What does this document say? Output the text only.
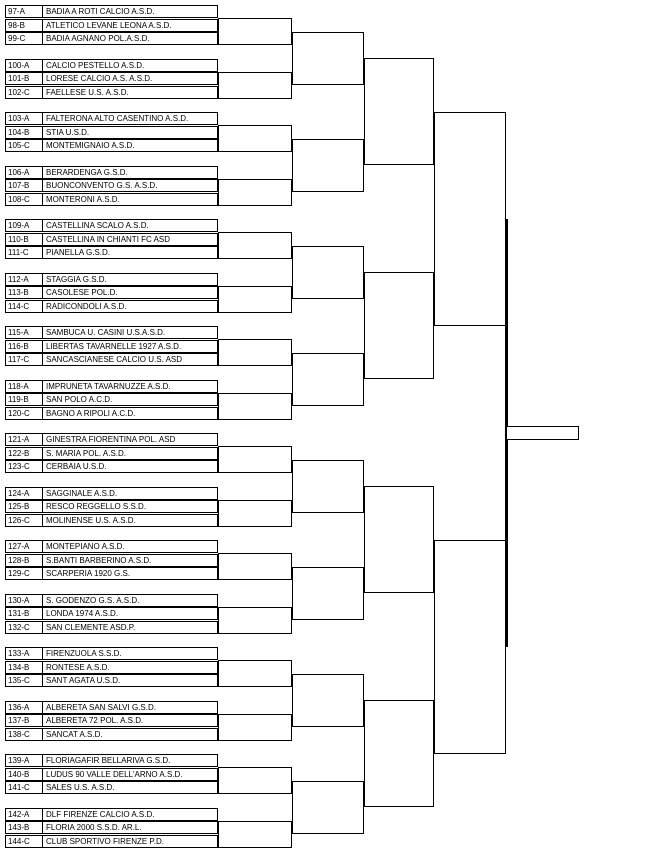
97-A	BADIA A ROTI CALCIO A.S.D.
98-B	ATLETICO LEVANE LEONA A.S.D.
99-C	BADIA AGNANO POL.A.S.D.
100-A	CALCIO PESTELLO A.S.D.
101-B	LORESE CALCIO A.S. A.S.D.
102-C	FAELLESE U.S. A.S.D.
103-A	FALTERONA ALTO CASENTINO A.S.D.
104-B	STIA U.S.D.
105-C	MONTEMIGNAIO A.S.D.
106-A	BERARDENGA G.S.D.
107-B	BUONCONVENTO G.S. A.S.D.
108-C	MONTERONI A.S.D.
109-A	CASTELLINA SCALO A.S.D.
110-B	CASTELLINA IN CHIANTI FC ASD
111-C	PIANELLA G.S.D.
112-A	STAGGIA G.S.D.
113-B	CASOLESE POL.D.
114-C	RADICONDOLI A.S.D.
115-A	SAMBUCA U. CASINI U.S.A.S.D.
116-B	LIBERTAS TAVARNELLE 1927 A.S.D.
117-C	SANCASCIANESE CALCIO U.S. ASD
118-A	IMPRUNETA TAVARNUZZE A.S.D.
119-B	SAN POLO A.C.D.
120-C	BAGNO A RIPOLI A.C.D.
121-A	GINESTRA FIORENTINA POL. ASD
122-B	S. MARIA POL. A.S.D.
123-C	CERBAIA U.S.D.
124-A	SAGGINALE A.S.D.
125-B	RESCO REGGELLO S.S.D.
126-C	MOLINENSE U.S. A.S.D.
127-A	MONTEPIANO A.S.D.
128-B	S.BANTI BARBERINO A.S.D.
129-C	SCARPERIA 1920 G.S.
130-A	S. GODENZO G.S. A.S.D.
131-B	LONDA 1974 A.S.D.
132-C	SAN CLEMENTE ASD.P.
133-A	FIRENZUOLA S.S.D.
134-B	RONTESE A.S.D.
135-C	SANT AGATA U.S.D.
136-A	ALBERETA SAN SALVI G.S.D.
137-B	ALBERETA 72 POL. A.S.D.
138-C	SANCAT A.S.D.
139-A	FLORIAGAFIR BELLARIVA G.S.D.
140-B	LUDUS 90 VALLE DELL'ARNO A.S.D.
141-C	SALES U.S. A.S.D.
142-A	DLF FIRENZE CALCIO A.S.D.
143-B	FLORIA 2000 S.S.D. AR.L.
144-C	CLUB SPORTIVO FIRENZE P.D.
